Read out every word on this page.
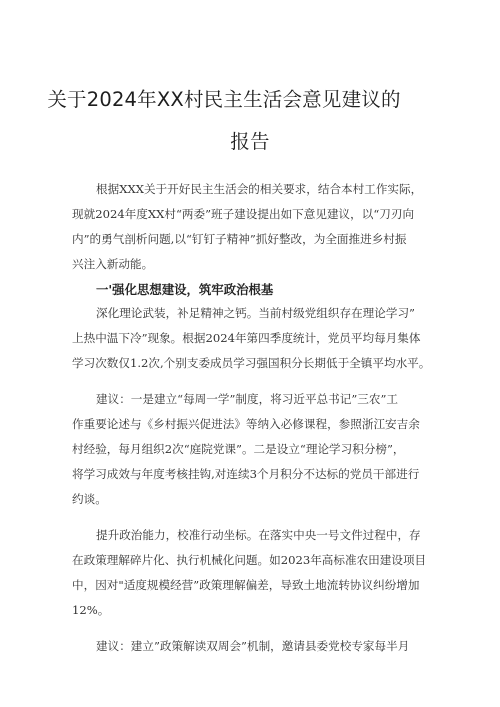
关于2024年XX村民主生活会意见建议的
报告
根据XXX关于开好民主生活会的相关要求，结合本村工作实际，
现就2024年度XX村“两委”班子建设提出如下意见建议，以“刀刃向
内”的勇气剖析问题,以“钉钉子精神”抓好整改，为全面推进乡村振
兴注入新动能。
一'强化思想建设，筑牢政治根基
深化理论武装，补足精神之钙。当前村级党组织存在理论学习”
上热中温下冷”现象。根据2024年第四季度统计，党员平均每月集体
学习次数仅1.2次,个别支委成员学习强国积分长期低于全镇平均水平。
建议：一是建立“每周一学”制度，将习近平总书记”三农”工
作重要论述与《乡村振兴促进法》等纳入必修课程，参照浙江安吉余
村经验，每月组织2次“庭院党课”。二是设立“理论学习积分榜”，
将学习成效与年度考核挂钩,对连续3个月积分不达标的党员干部进行
约谈。
提升政治能力，校准行动坐标。在落实中央一号文件过程中，存
在政策理解碎片化、执行机械化问题。如2023年高标准农田建设项目
中，因对"适度规模经营”政策理解偏差，导致土地流转协议纠纷增加
12%。
建议：建立”政策解读双周会”机制，邀请县委党校专家每半月
